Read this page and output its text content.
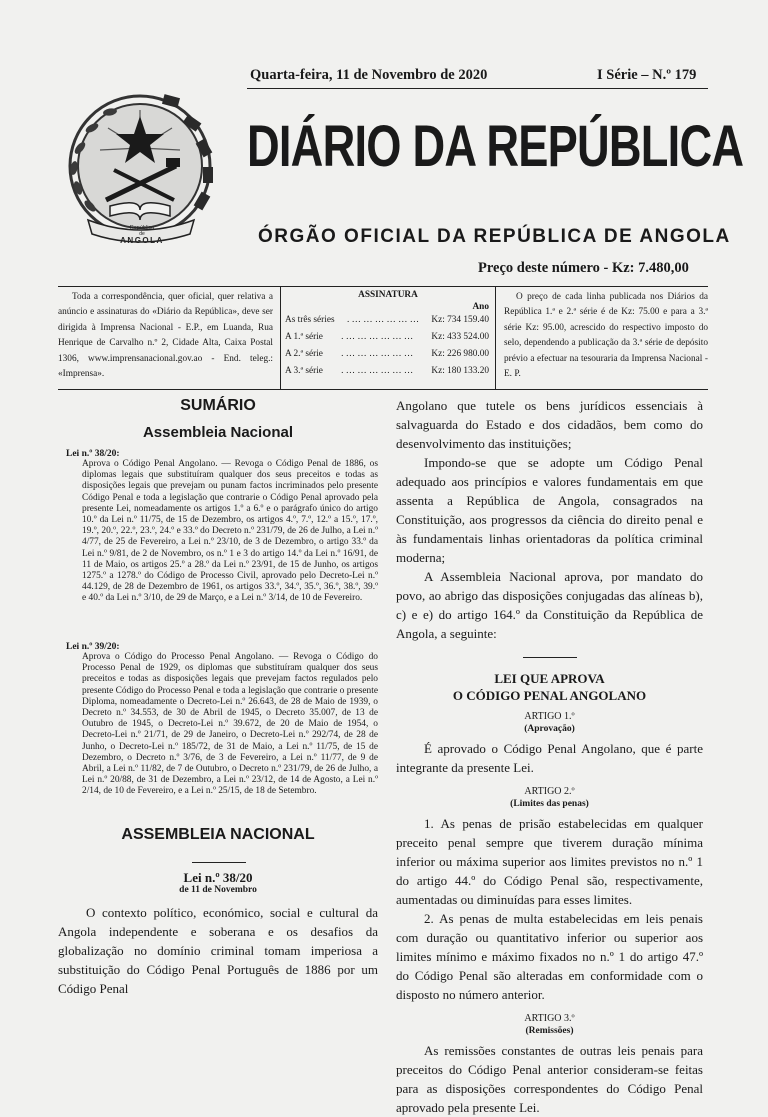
República
de
ANGOLA
Quarta-feira, 11 de Novembro de 2020	I Série – N.º 179
DIÁRIO DA REPÚBLICA
ÓRGÃO OFICIAL DA REPÚBLICA DE ANGOLA
Preço deste número - Kz: 7.480,00
Toda a correspondência, quer oficial, quer relativa a anúncio e assinaturas do «Diário da República», deve ser dirigida à Imprensa Nacional - E.P., em Luanda, Rua Henrique de Carvalho n.º 2, Cidade Alta, Caixa Postal 1306, www.imprensanacional.gov.ao - End. teleg.: «Imprensa».
ASSINATURA
Ano
As três séries . … … … … … … Kz: 734 159.40
A 1.ª série . … … … … … … Kz: 433 524.00
A 2.ª série . … … … … … … Kz: 226 980.00
A 3.ª série . … … … … … … Kz: 180 133.20
O preço de cada linha publicada nos Diários da República 1.ª e 2.ª série é de Kz: 75.00 e para a 3.ª série Kz: 95.00, acrescido do respectivo imposto do selo, dependendo a publicação da 3.ª série de depósito prévio a efectuar na tesouraria da Imprensa Nacional - E. P.
SUMÁRIO
Assembleia Nacional
Lei n.º 38/20:
Aprova o Código Penal Angolano. — Revoga o Código Penal de 1886, os diplomas legais que substituíram qualquer dos seus preceitos e todas as disposições legais que prevejam ou punam factos incriminados pelo presente Código Penal e toda a legislação que contrarie o Código Penal aprovado pela presente Lei, nomeadamente os artigos 1.º a 6.º e o parágrafo único do artigo 10.º da Lei n.º 11/75, de 15 de Dezembro, os artigos 4.º, 7.º, 12.º a 15.º, 17.º, 19.º, 20.º, 22.º, 23.º, 24.º e 33.º do Decreto n.º 231/79, de 26 de Julho, a Lei n.º 4/77, de 25 de Fevereiro, a Lei n.º 23/10, de 3 de Dezembro, o artigo 33.º da Lei n.º 9/81, de 2 de Novembro, os n.º 1 e 3 do artigo 14.º da Lei n.º 16/91, de 11 de Maio, os artigos 25.º a 28.º da Lei n.º 23/91, de 15 de Junho, os artigos 1275.º a 1278.º do Código de Processo Civil, aprovado pelo Decreto-Lei n.º 44.129, de 28 de Dezembro de 1961, os artigos 33.º, 34.º, 35.º, 36.º, 38.º, 39.º e 40.º da Lei n.º 3/10, de 29 de Março, e a Lei n.º 3/14, de 10 de Fevereiro.
Lei n.º 39/20:
Aprova o Código do Processo Penal Angolano. — Revoga o Código do Processo Penal de 1929, os diplomas que substituíram qualquer dos seus preceitos e todas as disposições legais que prevejam factos regulados pelo presente Código do Processo Penal e toda a legislação que contrarie o presente Diploma, nomeadamente o Decreto-Lei n.º 26.643, de 28 de Maio de 1939, o Decreto n.º 34.553, de 30 de Abril de 1945, o Decreto 35.007, de 13 de Outubro de 1945, o Decreto-Lei n.º 39.672, de 20 de Maio de 1954, o Decreto-Lei n.º 21/71, de 29 de Janeiro, o Decreto-Lei n.º 292/74, de 28 de Junho, o Decreto-Lei n.º 185/72, de 31 de Maio, a Lei n.º 11/75, de 15 de Dezembro, o Decreto n.º 3/76, de 3 de Fevereiro, a Lei n.º 11/77, de 9 de Abril, a Lei n.º 11/82, de 7 de Outubro, o Decreto n.º 231/79, de 26 de Julho, a Lei n.º 20/88, de 31 de Dezembro, a Lei n.º 23/12, de 14 de Agosto, a Lei n.º 2/14, de 10 de Fevereiro, e a Lei n.º 25/15, de 18 de Setembro.
ASSEMBLEIA NACIONAL
Lei n.º 38/20
de 11 de Novembro
O contexto político, económico, social e cultural da Angola independente e soberana e os desafios da globalização no domínio criminal tomam imperiosa a substituição do Código Penal Português de 1886 por um Código Penal
Angolano que tutele os bens jurídicos essenciais à salvaguarda do Estado e dos cidadãos, bem como do desenvolvimento das instituições;
Impondo-se que se adopte um Código Penal adequado aos princípios e valores fundamentais em que assenta a República de Angola, consagrados na Constituição, aos progressos da ciência do direito penal e às fundamentais linhas orientadoras da política criminal moderna;
A Assembleia Nacional aprova, por mandato do povo, ao abrigo das disposições conjugadas das alíneas b), c) e e) do artigo 164.º da Constituição da República de Angola, a seguinte:
LEI QUE APROVA
O CÓDIGO PENAL ANGOLANO
ARTIGO 1.º
(Aprovação)
É aprovado o Código Penal Angolano, que é parte integrante da presente Lei.
ARTIGO 2.º
(Limites das penas)
1. As penas de prisão estabelecidas em qualquer preceito penal sempre que tiverem duração mínima inferior ou máxima superior aos limites previstos no n.º 1 do artigo 44.º do Código Penal são, respectivamente, aumentadas ou diminuídas para esses limites.
2. As penas de multa estabelecidas em leis penais com duração ou quantitativo inferior ou superior aos limites mínimo e máximo fixados no n.º 1 do artigo 47.º do Código Penal são alteradas em conformidade com o disposto no número anterior.
ARTIGO 3.º
(Remissões)
As remissões constantes de outras leis penais para preceitos do Código Penal anterior consideram-se feitas para as disposições correspondentes do Código Penal aprovado pela presente Lei.
